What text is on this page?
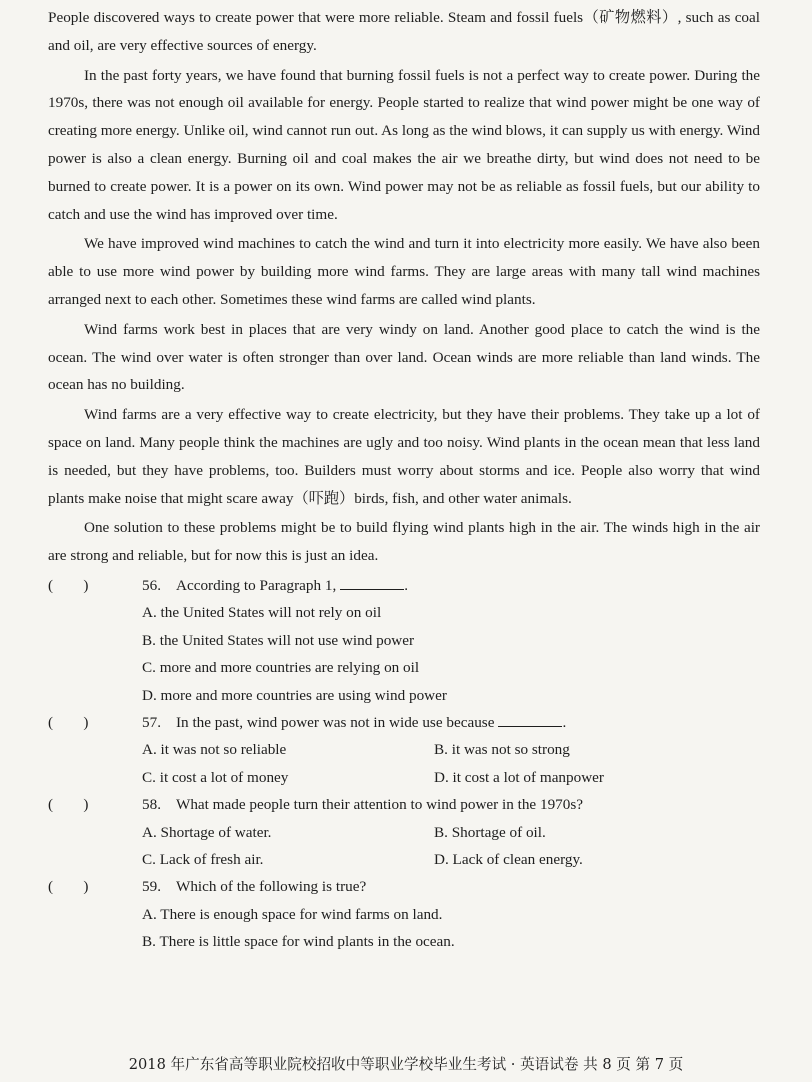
People discovered ways to create power that were more reliable. Steam and fossil fuels（矿物燃料）, such as coal and oil, are very effective sources of energy.

In the past forty years, we have found that burning fossil fuels is not a perfect way to create power. During the 1970s, there was not enough oil available for energy. People started to realize that wind power might be one way of creating more energy. Unlike oil, wind cannot run out. As long as the wind blows, it can supply us with energy. Wind power is also a clean energy. Burning oil and coal makes the air we breathe dirty, but wind does not need to be burned to create power. It is a power on its own. Wind power may not be as reliable as fossil fuels, but our ability to catch and use the wind has improved over time.

We have improved wind machines to catch the wind and turn it into electricity more easily. We have also been able to use more wind power by building more wind farms. They are large areas with many tall wind machines arranged next to each other. Sometimes these wind farms are called wind plants.

Wind farms work best in places that are very windy on land. Another good place to catch the wind is the ocean. The wind over water is often stronger than over land. Ocean winds are more reliable than land winds. The ocean has no building.

Wind farms are a very effective way to create electricity, but they have their problems. They take up a lot of space on land. Many people think the machines are ugly and too noisy. Wind plants in the ocean mean that less land is needed, but they have problems, too. Builders must worry about storms and ice. People also worry that wind plants make noise that might scare away（吓跑）birds, fish, and other water animals.

One solution to these problems might be to build flying wind plants high in the air. The winds high in the air are strong and reliable, but for now this is just an idea.

(        )	56. According to Paragraph 1,	.
A. the United States will not rely on oil
B. the United States will not use wind power
C. more and more countries are relying on oil
D. more and more countries are using wind power
(        )	57. In the past, wind power was not in wide use because	.
A. it was not so reliable	B. it was not so strong
C. it cost a lot of money	D. it cost a lot of manpower
(        )	58. What made people turn their attention to wind power in the 1970s?
A. Shortage of water.	B. Shortage of oil.
C. Lack of fresh air.	D. Lack of clean energy.
(        )	59. Which of the following is true?
A. There is enough space for wind farms on land.
B. There is little space for wind plants in the ocean.
2018 年广东省高等职业院校招收中等职业学校毕业生考试 · 英语试卷 共 8 页 第 7 页
